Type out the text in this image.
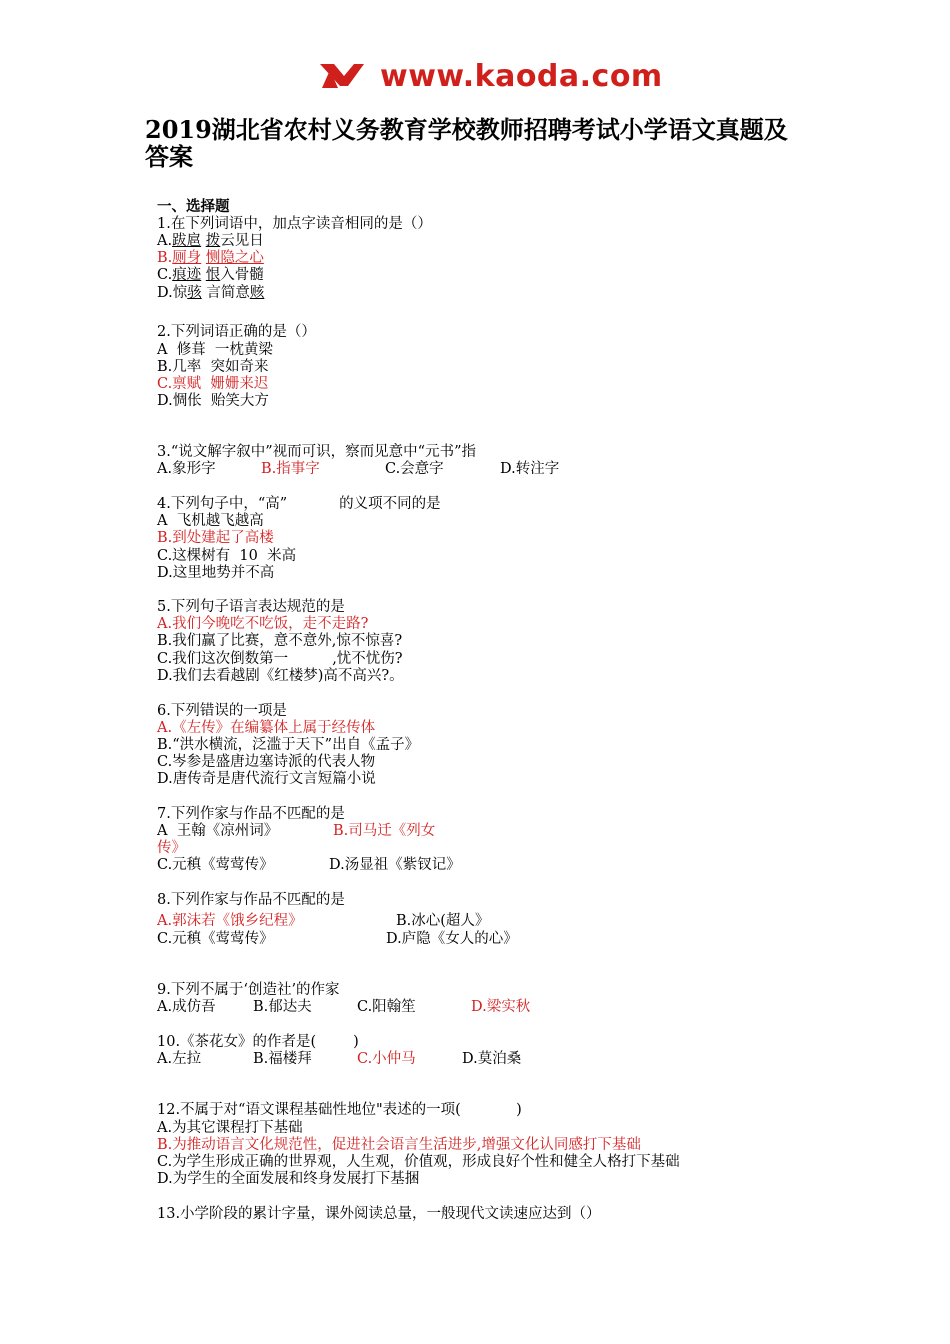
www.kaoda.com
2019湖北省农村义务教育学校教师招聘考试小学语文真题及答案
一、选择题
1.在下列词语中，加点字读音相同的是（）
A.跋扈 拨云见日
B.厕身 恻隐之心
C.痕迹 恨入骨髓
D.惊骇 言简意赅
2.下列词语正确的是（）
A  修葺  一枕黄梁
B.几率  突如奇来
C.禀赋  姗姗来迟
D.惆伥  贻笑大方
3.“说文解字叙中”视而可识，察而见意中“元书”指
A.象形字	B.指事字	C.会意字	D.转注字
4.下列句子中，“高”	的义项不同的是
A  飞机越飞越高
B.到处建起了高楼
C.这棵树有  10  米高
D.这里地势并不高
5.下列句子语言表达规范的是
A.我们今晚吃不吃饭，走不走路?
B.我们赢了比赛，意不意外,惊不惊喜?
C.我们这次倒数第一	,忧不忧伤?
D.我们去看越剧《红楼梦)高不高兴?。
6.下列错误的一项是
A.《左传》在编纂体上属于经传体
B.“洪水横流，泛滥于天下”出自《孟子》
C.岑参是盛唐边塞诗派的代表人物
D.唐传奇是唐代流行文言短篇小说
7.下列作家与作品不匹配的是
A  王翰《凉州词》	B.司马迁《列女
传》
C.元稹《莺莺传》	D.汤显祖《紫钗记》
8.下列作家与作品不匹配的是
A.郭沫若《饿乡纪程》	B.冰心(超人》
C.元稹《莺莺传》	D.庐隐《女人的心》
9.下列不属于‘创造社’的作家
A.成仿吾	B.郁达夫	C.阳翰笙	D.梁实秋
10.《茶花女》的作者是(        )
A.左拉	B.福楼拜	C.小仲马	D.莫泊桑
12.不属于对“语文课程基础性地位"表述的一项(            )
A.为其它课程打下基础
B.为推动语言文化规范性，促进社会语言生活进步,增强文化认同感打下基础
C.为学生形成正确的世界观，人生观，价值观，形成良好个性和健全人格打下基础
D.为学生的全面发展和终身发展打下基捆
13.小学阶段的累计字量，课外阅读总量，一般现代文读速应达到（）
